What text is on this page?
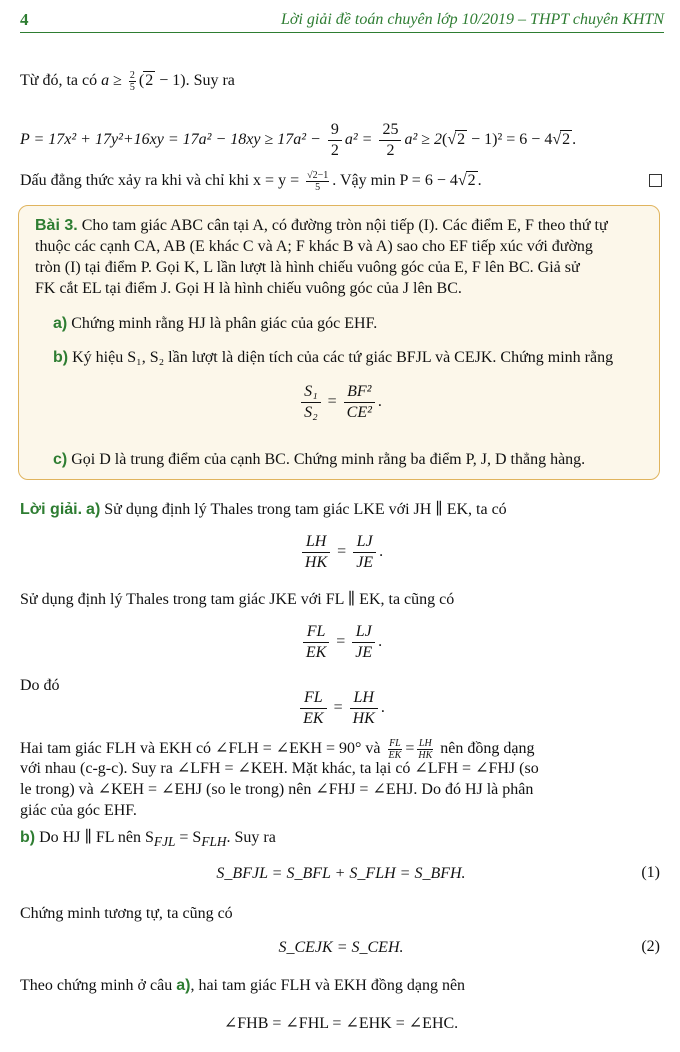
4	Lời giải đề toán chuyên lớp 10/2019 – THPT chuyên KHTN
Từ đó, ta có $a \ge \frac{2}{5} (2 - 1)$. Suy ra
$P = 17x^2 + 17y^2+16xy = 17a^2 - 18xy \ge 17a^2 - \frac{9}{2} a^2 = \frac{25}{2} a^2 \ge 2(√2 - 1)^2 = 6 - 4√2$ .
Dấu đẳng thức xảy ra khi và chỉ khi $x = y = \frac{√2-1}{5}$ . Vậy min P = 6 − 4√2 .
Bài 3. Cho tam giác ABC cân tại A, có đường tròn nội tiếp (I). Các điểm E, F theo thứ tự
thuộc các cạnh CA, AB (E khác C và A; F khác B và A) sao cho EF tiếp xúc với đường
tròn (I) tại điểm P. Gọi K, L lần lượt là hình chiếu vuông góc của E, F lên BC. Giả sử
FK cắt EL tại điểm J. Gọi H là hình chiếu vuông góc của J lên BC.
a) Chứng minh rằng HJ là phân giác của góc EHF.
b) Ký hiệu S₁, S₂ lần lượt là diện tích của các tứ giác BFJL và CEJK. Chứng minh rằng
$\frac{\text{S₁}}{\text{S₂}} = \frac{\text{BF²}}{\text{CE²}}$ .
c) Gọi D là trung điểm của cạnh BC. Chứng minh rằng ba điểm P, J, D thẳng hàng.
Lời giải. a) Sử dụng định lý Thales trong tam giác LKE với JH ∥ EK, ta có
$\frac{LH}{HK} = \frac{LJ}{JE}$ .
Sử dụng định lý Thales trong tam giác JKE với FL ∥ EK, ta cũng có
$\frac{FL}{EK} = \frac{LJ}{JE}$ .
Do đó
$\frac{FL}{EK} = \frac{LH}{HK}$ .
Hai tam giác FLH và EKH có ∠FLH = ∠EKH = 90° và $\frac{FL}{EK} = \frac{LH}{HK}$ nên đồng dạng
với nhau (c-g-c). Suy ra ∠LFH = ∠KEH. Mặt khác, ta lại có ∠LFH = ∠FHJ (so
le trong) và ∠KEH = ∠EHJ (so le trong) nên ∠FHJ = ∠EHJ. Do đó HJ là phân
giác của góc EHF.
b) Do HJ ∥ FL nên $S_{FJL} = S_{FLH}$. Suy ra
S_BFJL = S_BFL + S_FLH = S_BFH.	(1)
Chứng minh tương tự, ta cũng có
S_CEJK = S_CEH.	(2)
Theo chứng minh ở câu a), hai tam giác FLH và EKH đồng dạng nên
∠FHB = ∠FHL = ∠EHK = ∠EHC.
